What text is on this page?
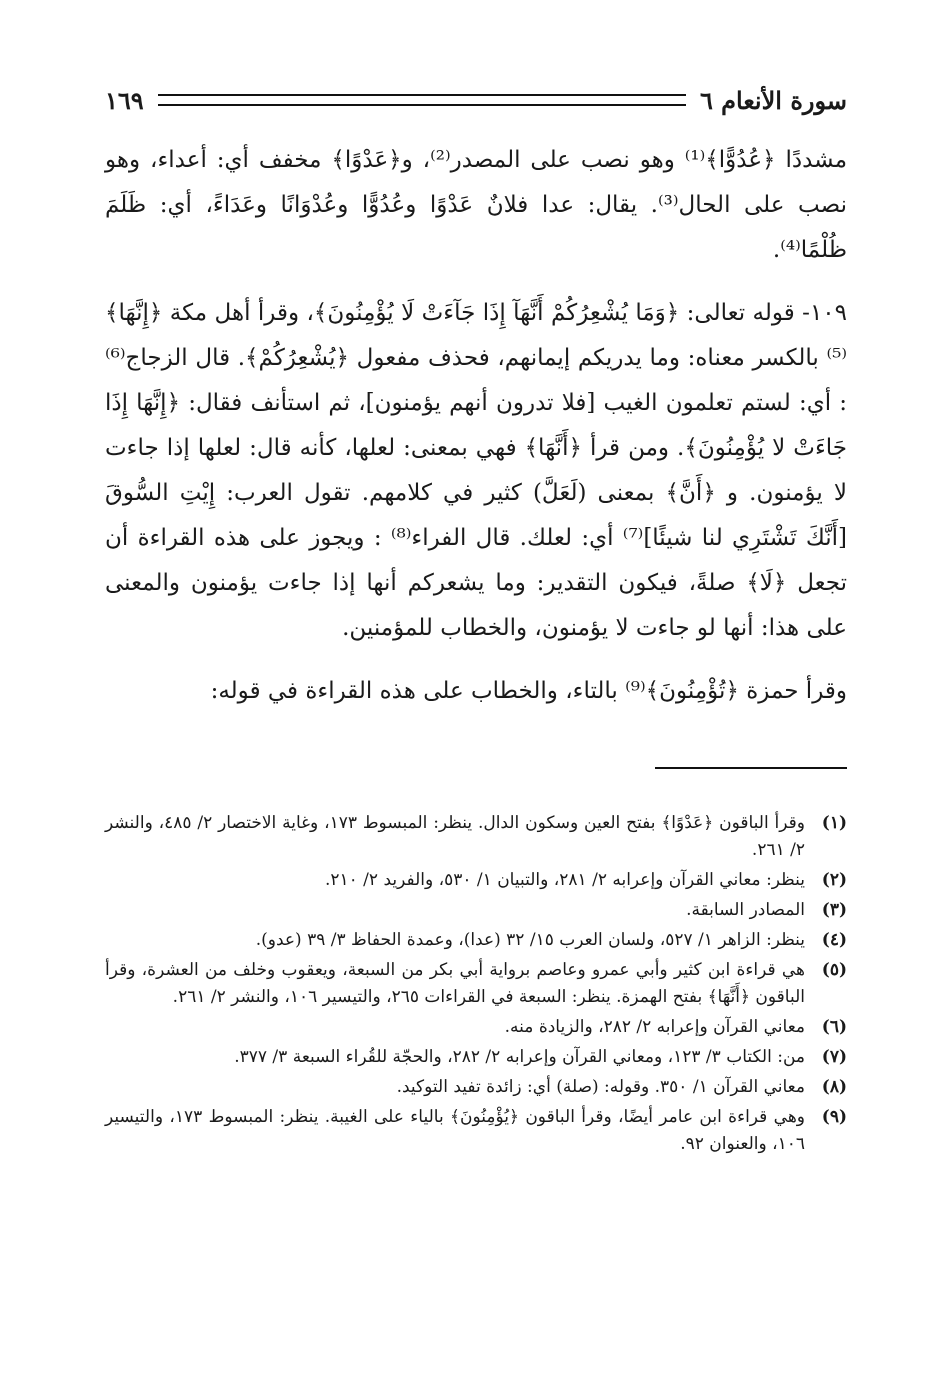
سورة الأنعام ٦
١٦٩

مشددًا ﴿عُدُوًّا﴾⁽¹⁾ وهو نصب على المصدر⁽²⁾، و﴿عَدْوًا﴾ مخفف أي: أعداء، وهو نصب على الحال⁽³⁾. يقال: عدا فلانٌ عَدْوًا وعُدُوًّا وعُدْوَانًا وعَدَاءً، أي: ظَلَمَ ظُلْمًا⁽⁴⁾.

١٠٩- قوله تعالى: ﴿وَمَا يُشْعِرُكُمْ أَنَّهَآ إِذَا جَآءَتْ لَا يُؤْمِنُونَ﴾، وقرأ أهل مكة ﴿إِنَّهَا﴾⁽⁵⁾ بالكسر معناه: وما يدريكم إيمانهم، فحذف مفعول ﴿يُشْعِرُكُمْ﴾. قال الزجاج⁽⁶⁾ : أي: لستم تعلمون الغيب [فلا تدرون أنهم يؤمنون]، ثم استأنف فقال: ﴿إِنَّهَا إِذَا جَاءَتْ لا يُؤْمِنُونَ﴾. ومن قرأ ﴿أَنَّهَا﴾ فهي بمعنى: لعلها، كأنه قال: لعلها إذا جاءت لا يؤمنون. و ﴿أَنَّ﴾ بمعنى (لَعَلَّ) كثير في كلامهم. تقول العرب: إِيْتِ السُّوقَ [أَنَّكَ تَشْتَرِي لنا شيئًا]⁽⁷⁾ أي: لعلك. قال الفراء⁽⁸⁾ : ويجوز على هذه القراءة أن تجعل ﴿لَا﴾ صلةً، فيكون التقدير: وما يشعركم أنها إذا جاءت يؤمنون والمعنى على هذا: أنها لو جاءت لا يؤمنون، والخطاب للمؤمنين.

وقرأ حمزة ﴿تُؤْمِنُونَ﴾⁽⁹⁾ بالتاء، والخطاب على هذه القراءة في قوله:

(١)
وقرأ الباقون ﴿عَدْوًا﴾ بفتح العين وسكون الدال. ينظر: المبسوط ١٧٣، وغاية الاختصار ٢/ ٤٨٥، والنشر ٢/ ٢٦١.
(٢)
ينظر: معاني القرآن وإعرابه ٢/ ٢٨١، والتبيان ١/ ٥٣٠، والفريد ٢/ ٢١٠.
(٣)
المصادر السابقة.
(٤)
ينظر: الزاهر ١/ ٥٢٧، ولسان العرب ١٥/ ٣٢ (عدا)، وعمدة الحفاظ ٣/ ٣٩ (عدو).
(٥)
هي قراءة ابن كثير وأبي عمرو وعاصم برواية أبي بكر من السبعة، ويعقوب وخلف من العشرة، وقرأ الباقون ﴿أَنَّهَا﴾ بفتح الهمزة. ينظر: السبعة في القراءات ٢٦٥، والتيسير ١٠٦، والنشر ٢/ ٢٦١.
(٦)
معاني القرآن وإعرابه ٢/ ٢٨٢، والزيادة منه.
(٧)
من: الكتاب ٣/ ١٢٣، ومعاني القرآن وإعرابه ٢/ ٢٨٢، والحجّة للقُراء السبعة ٣/ ٣٧٧.
(٨)
معاني القرآن ١/ ٣٥٠. وقوله: (صلة) أي: زائدة تفيد التوكيد.
(٩)
وهي قراءة ابن عامر أيضًا، وقرأ الباقون ﴿يُؤْمِنُونَ﴾ بالياء على الغيبة. ينظر: المبسوط ١٧٣، والتيسير ١٠٦، والعنوان ٩٢.
